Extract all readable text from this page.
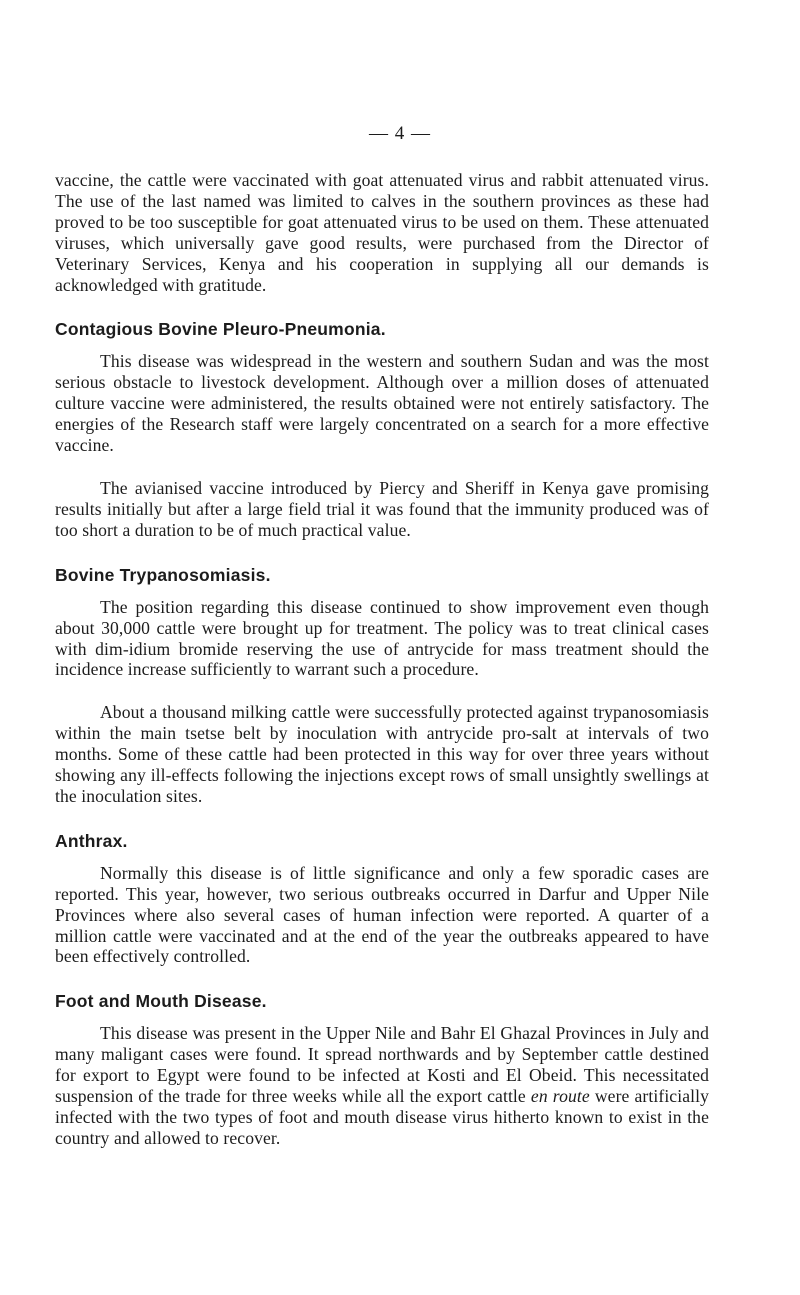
— 4 —

vaccine, the cattle were vaccinated with goat attenuated virus and rabbit attenuated virus. The use of the last named was limited to calves in the southern provinces as these had proved to be too susceptible for goat attenuated virus to be used on them. These attenuated viruses, which universally gave good results, were purchased from the Director of Veterinary Services, Kenya and his cooperation in supplying all our demands is acknowledged with gratitude.

Contagious Bovine Pleuro-Pneumonia.

This disease was widespread in the western and southern Sudan and was the most serious obstacle to livestock development. Although over a million doses of attenuated culture vaccine were administered, the results obtained were not entirely satisfactory. The energies of the Research staff were largely concentrated on a search for a more effective vaccine.

The avianised vaccine introduced by Piercy and Sheriff in Kenya gave promising results initially but after a large field trial it was found that the immunity produced was of too short a duration to be of much practical value.

Bovine Trypanosomiasis.

The position regarding this disease continued to show improvement even though about 30,000 cattle were brought up for treatment. The policy was to treat clinical cases with dim-idium bromide reserving the use of antrycide for mass treatment should the incidence increase sufficiently to warrant such a procedure.

About a thousand milking cattle were successfully protected against trypanosomiasis within the main tsetse belt by inoculation with antrycide pro-salt at intervals of two months. Some of these cattle had been protected in this way for over three years without showing any ill-effects following the injections except rows of small unsightly swellings at the inoculation sites.

Anthrax.

Normally this disease is of little significance and only a few sporadic cases are reported. This year, however, two serious outbreaks occurred in Darfur and Upper Nile Provinces where also several cases of human infection were reported. A quarter of a million cattle were vaccinated and at the end of the year the outbreaks appeared to have been effectively controlled.

Foot and Mouth Disease.

This disease was present in the Upper Nile and Bahr El Ghazal Provinces in July and many maligant cases were found. It spread northwards and by September cattle destined for export to Egypt were found to be infected at Kosti and El Obeid. This necessitated suspension of the trade for three weeks while all the export cattle en route were artificially infected with the two types of foot and mouth disease virus hitherto known to exist in the country and allowed to recover.
